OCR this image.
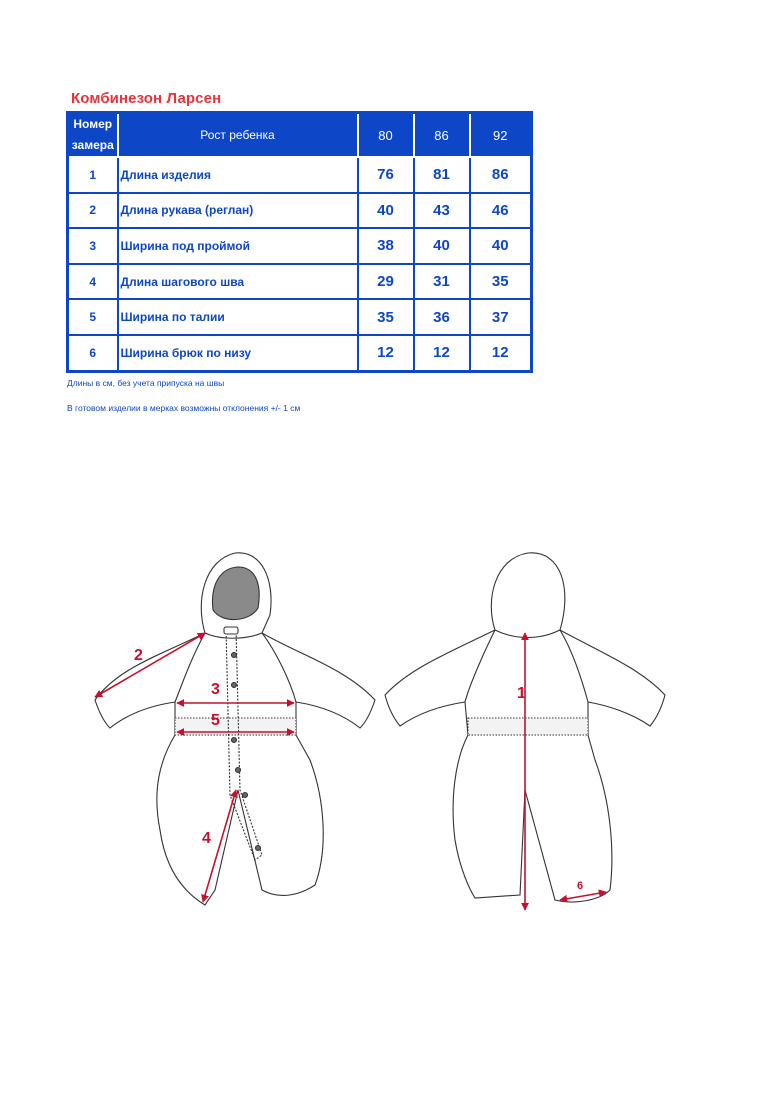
Комбинезон Ларсен
Номер
замера	Рост ребенка	80	86	92
1	Длина изделия	76	81	86
2	Длина рукава (реглан)	40	43	46
3	Ширина под проймой	38	40	40
4	Длина шагового шва	29	31	35
5	Ширина по талии	35	36	37
6	Ширина брюк по низу	12	12	12
Длины в см, без учета припуска на швы
В готовом изделии в мерках возможны отклонения +/- 1 см
2
3
5
4
1
6
